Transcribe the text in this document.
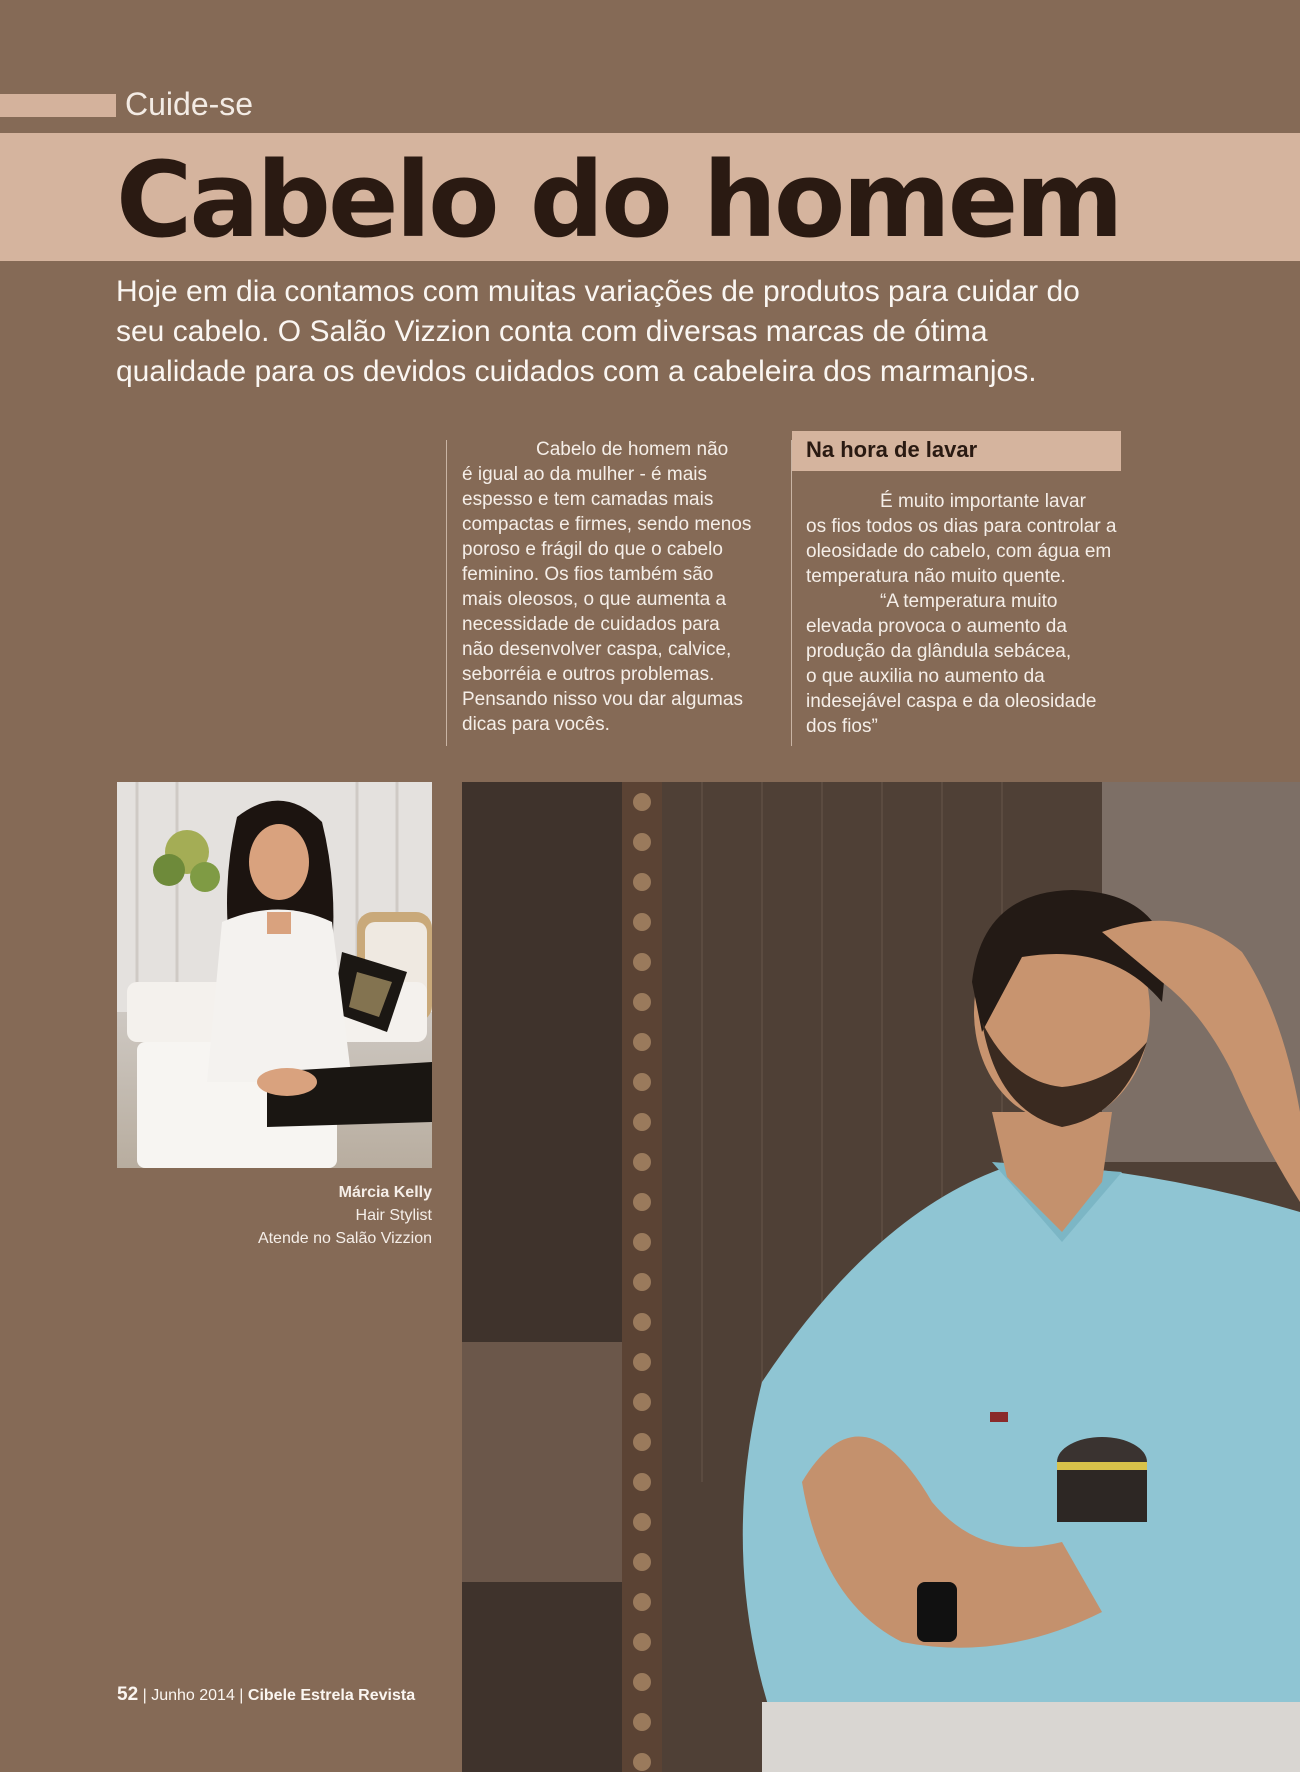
Cuide-se
Cabelo do homem

Hoje em dia contamos com muitas variações de produtos para cuidar do seu cabelo. O Salão Vizzion conta com diversas marcas de ótima qualidade para os devidos cuidados com a cabeleira dos marmanjos.

Cabelo de homem não
é igual ao da mulher - é mais
espesso e tem camadas mais
compactas e firmes, sendo menos
poroso e frágil do que o cabelo
feminino. Os fios também são
mais oleosos, o que aumenta a
necessidade de cuidados para
não desenvolver caspa, calvice,
seborréia e outros problemas.
Pensando nisso vou dar algumas
dicas para vocês.
Na hora de lavar
É muito importante lavar
os fios todos os dias para controlar a
oleosidade do cabelo, com água em
temperatura não muito quente.
“A temperatura muito
elevada provoca o aumento da
produção da glândula sebácea,
o que auxilia no aumento da
indesejável caspa e da oleosidade
dos fios”
Márcia Kelly
Hair Stylist
Atende no Salão Vizzion
52 | Junho 2014 | Cibele Estrela Revista
